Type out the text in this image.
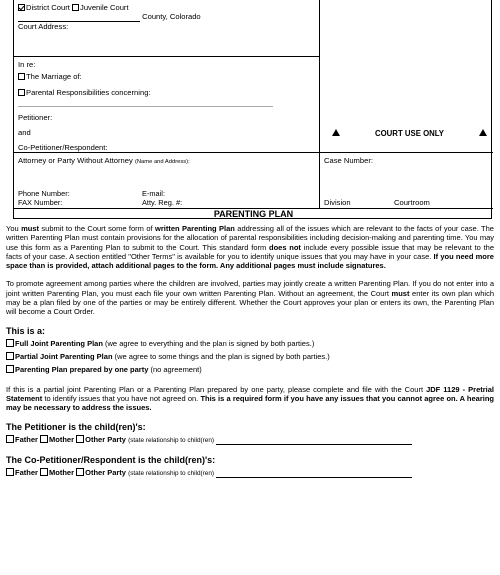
District Court Juvenile Court
County, Colorado
Court Address:
In re:
The Marriage of:
Parental Responsibilities concerning:
Petitioner:
and
Co-Petitioner/Respondent:
COURT USE ONLY
Attorney or Party Without Attorney (Name and Address):
Phone Number:	E-mail:
FAX Number:	Atty. Reg. #:
Case Number:
Division	Courtroom
PARENTING PLAN

You must submit to the Court some form of written Parenting Plan addressing all of the issues which are relevant to the facts of your case. The written Parenting Plan must contain provisions for the allocation of parental responsibilities including decision-making and parenting time. You may use this form as a Parenting Plan to submit to the Court. This standard form does not include every possible issue that may be relevant to the facts of your case. A section entitled "Other Terms" is available for you to identify unique issues that you may have in your case. If you need more space than is provided, attach additional pages to the form. Any additional pages must include signatures.

To promote agreement among parties where the children are involved, parties may jointly create a written Parenting Plan. If you do not enter into a joint written Parenting Plan, you must each file your own written Parenting Plan. Without an agreement, the Court must enter its own plan which may be a plan filed by one of the parties or may be entirely different. Whether the Court approves your plan or enters its own, the Parenting Plan will become a Court Order.

This is a:
Full Joint Parenting Plan (we agree to everything and the plan is signed by both parties.)
Partial Joint Parenting Plan (we agree to some things and the plan is signed by both parties.)
Parenting Plan prepared by one party (no agreement)

If this is a partial joint Parenting Plan or a Parenting Plan prepared by one party, please complete and file with the Court JDF 1129 - Pretrial Statement to identify issues that you have not agreed on. This is a required form if you have any issues that you cannot agree on. A hearing may be necessary to address the issues.

The Petitioner is the child(ren)'s:
Father Mother Other Party (state relationship to child(ren)
The Co-Petitioner/Respondent is the child(ren)'s:
Father Mother Other Party (state relationship to child(ren)
